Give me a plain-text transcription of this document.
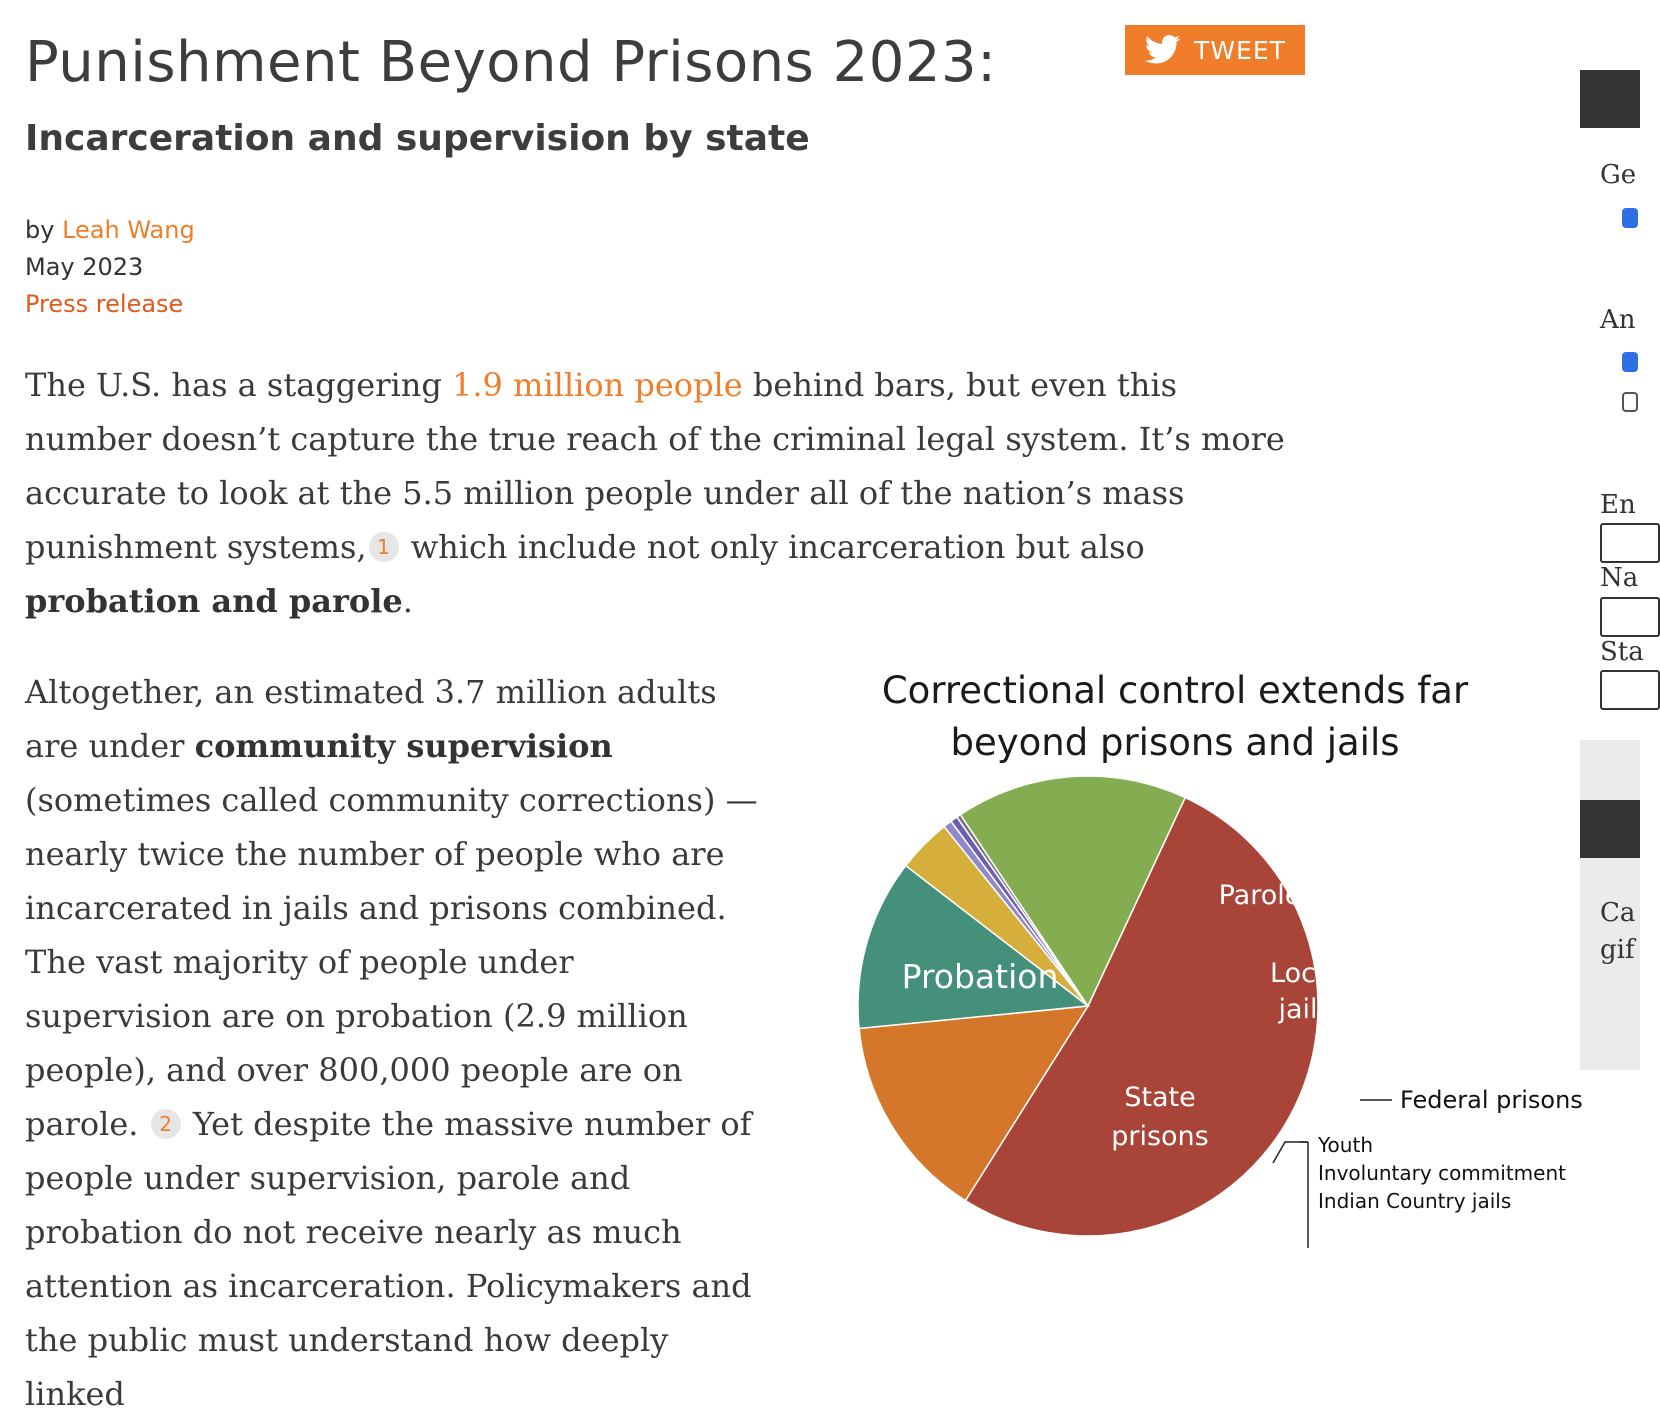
Punishment Beyond Prisons 2023:
Incarceration and supervision by state
TWEET
by Leah Wang
May 2023
Press release

The U.S. has a staggering 1.9 million people behind bars, but even this number doesn’t capture the true reach of the criminal legal system. It’s more accurate to look at the 5.5 million people under all of the nation’s mass punishment systems, 1 which include not only incarceration but also probation and parole.

Altogether, an estimated 3.7 million adults are under community supervision (sometimes called community corrections) — nearly twice the number of people who are incarcerated in jails and prisons combined. The vast majority of people under supervision are on probation (2.9 million people), and over 800,000 people are on parole. 2 Yet despite the massive number of people under supervision, parole and probation do not receive nearly as much attention as incarceration. Policymakers and the public must understand how deeply linked

Correctional control extends far
beyond prisons and jails
Probation
Parole
Local
jails
State
prisons
Federal prisons
Youth
Involuntary commitment
Indian Country jails
Ge
An
En
Na
Sta
Ca
gif
